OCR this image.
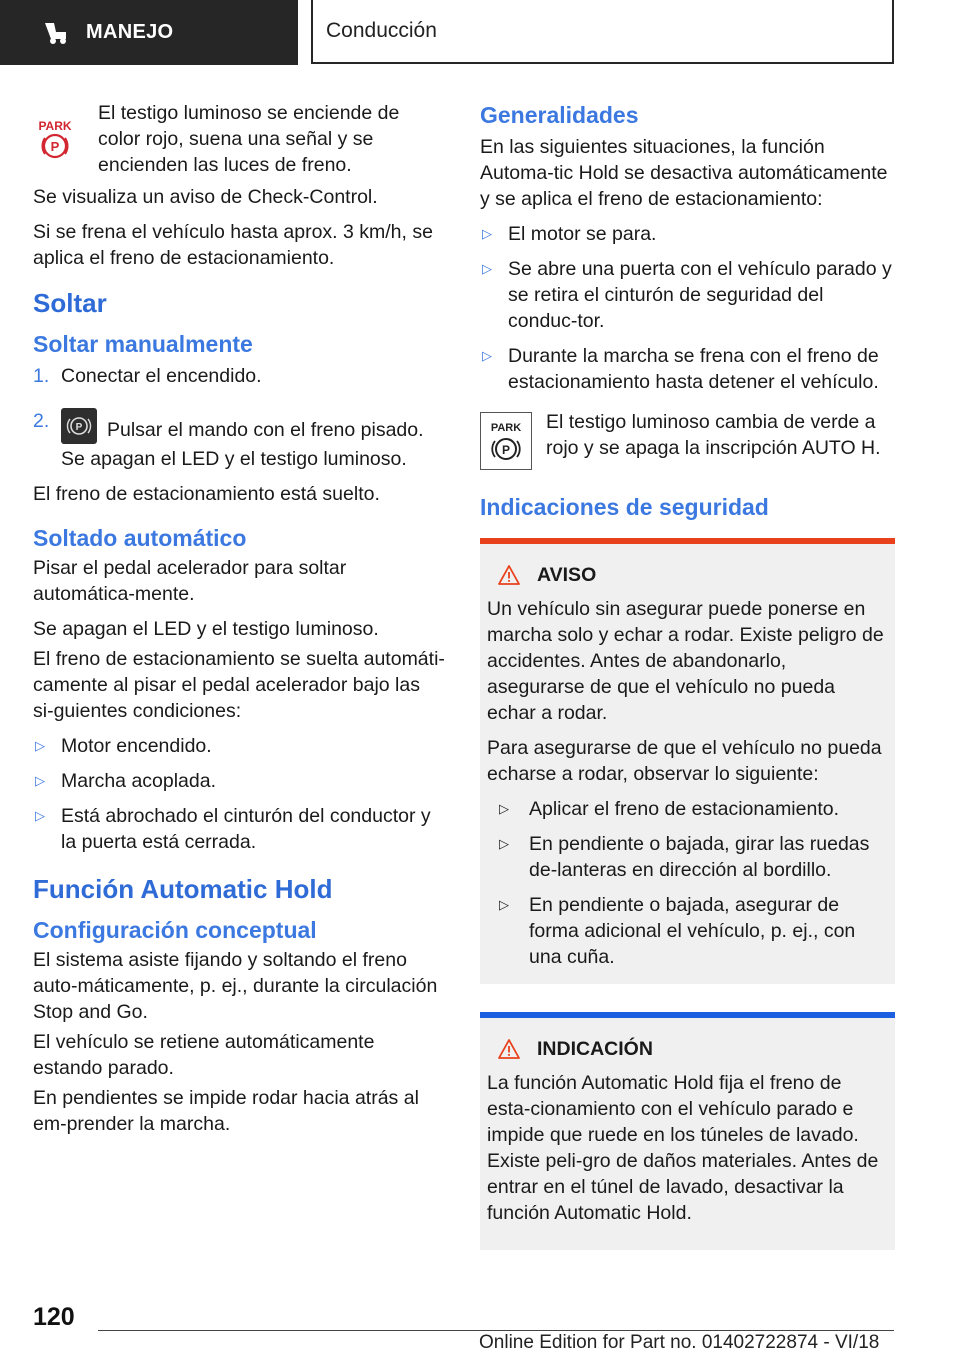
MANEJO	Conducción
PARK
P

El testigo luminoso se enciende de color rojo, suena una señal y se encienden las luces de freno.

Se visualiza un aviso de Check-Control.

Si se frena el vehículo hasta aprox. 3 km/h, se aplica el freno de estacionamiento.

Soltar
Soltar manualmente
1. Conectar el encendido.
2.	P Pulsar el mando con el freno pisado.

Se apagan el LED y el testigo luminoso.

El freno de estacionamiento está suelto.

Soltado automático

Pisar el pedal acelerador para soltar automática‐mente.

Se apagan el LED y el testigo luminoso.

El freno de estacionamiento se suelta automáti‐camente al pisar el pedal acelerador bajo las si‐guientes condiciones:

▷ Motor encendido.
▷ Marcha acoplada.
▷ Está abrochado el cinturón del conductor y la puerta está cerrada.
Función Automatic Hold
Configuración conceptual

El sistema asiste fijando y soltando el freno auto‐máticamente, p. ej., durante la circulación Stop and Go.

El vehículo se retiene automáticamente estando parado.

En pendientes se impide rodar hacia atrás al em‐prender la marcha.

Generalidades

En las siguientes situaciones, la función Automa‐tic Hold se desactiva automáticamente y se aplica el freno de estacionamiento:

▷ El motor se para.
▷ Se abre una puerta con el vehículo parado y se retira el cinturón de seguridad del conduc‐tor.
▷ Durante la marcha se frena con el freno de estacionamiento hasta detener el vehículo.
PARK
P

El testigo luminoso cambia de verde a rojo y se apaga la inscripción AUTO H.

Indicaciones de seguridad
AVISO

Un vehículo sin asegurar puede ponerse en marcha solo y echar a rodar. Existe peligro de accidentes. Antes de abandonarlo, asegurarse de que el vehículo no pueda echar a rodar.

Para asegurarse de que el vehículo no pueda echarse a rodar, observar lo siguiente:

▷	Aplicar el freno de estacionamiento.
▷	En pendiente o bajada, girar las ruedas de‐lanteras en dirección al bordillo.
▷	En pendiente o bajada, asegurar de forma adicional el vehículo, p. ej., con una cuña.
INDICACIÓN

La función Automatic Hold fija el freno de esta‐cionamiento con el vehículo parado e impide que ruede en los túneles de lavado. Existe peli‐gro de daños materiales. Antes de entrar en el túnel de lavado, desactivar la función Automatic Hold.

120
Online Edition for Part no. 01402722874 - VI/18
